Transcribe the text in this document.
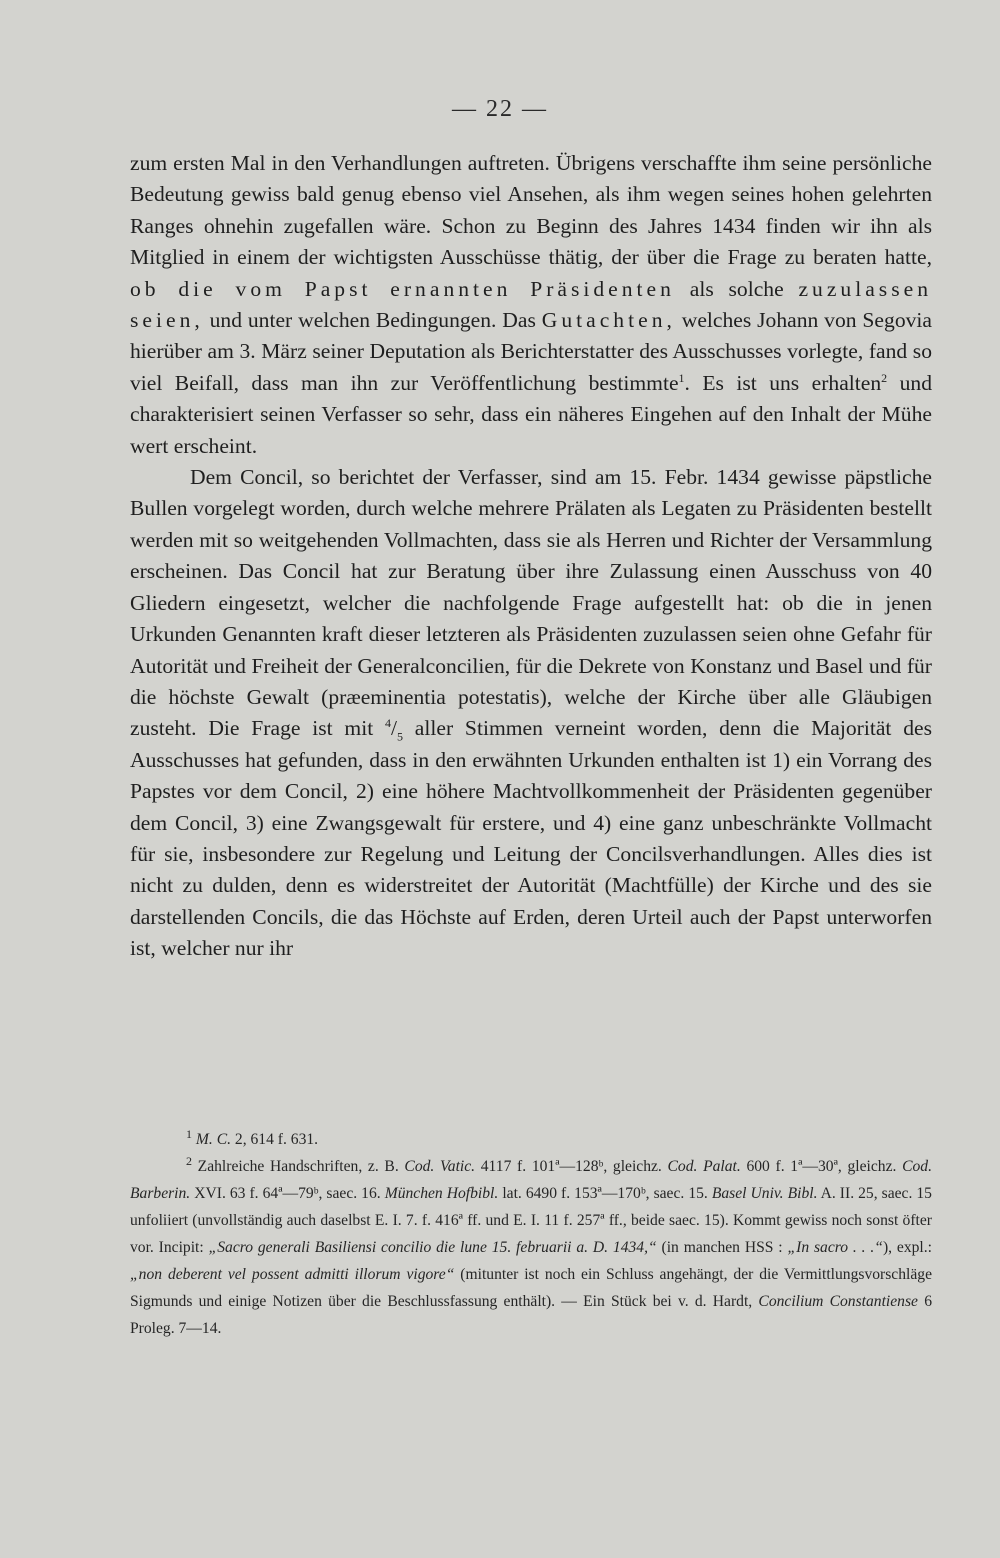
— 22 —

zum ersten Mal in den Verhandlungen auftreten. Übrigens verschaffte ihm seine persönliche Bedeutung gewiss bald genug ebenso viel Ansehen, als ihm wegen seines hohen gelehrten Ranges ohnehin zugefallen wäre. Schon zu Beginn des Jahres 1434 finden wir ihn als Mitglied in einem der wichtigsten Ausschüsse thätig, der über die Frage zu beraten hatte, ob die vom Papst ernannten Präsidenten als solche zuzulassen seien, und unter welchen Bedingungen. Das Gutachten, welches Johann von Segovia hierüber am 3. März seiner Deputation als Berichterstatter des Ausschusses vorlegte, fand so viel Beifall, dass man ihn zur Veröffentlichung bestimmte$^1$. Es ist uns erhalten$^2$ und charakterisiert seinen Verfasser so sehr, dass ein näheres Eingehen auf den Inhalt der Mühe wert erscheint.

Dem Concil, so berichtet der Verfasser, sind am 15. Febr. 1434 gewisse päpstliche Bullen vorgelegt worden, durch welche mehrere Prälaten als Legaten zu Präsidenten bestellt werden mit so weitgehenden Vollmachten, dass sie als Herren und Richter der Versammlung erscheinen. Das Concil hat zur Beratung über ihre Zulassung einen Ausschuss von 40 Gliedern eingesetzt, welcher die nachfolgende Frage aufgestellt hat: ob die in jenen Urkunden Genannten kraft dieser letzteren als Präsidenten zuzulassen seien ohne Gefahr für Autorität und Freiheit der Generalconcilien, für die Dekrete von Konstanz und Basel und für die höchste Gewalt (præeminentia potestatis), welche der Kirche über alle Gläubigen zusteht. Die Frage ist mit $^4/_5$ aller Stimmen verneint worden, denn die Majorität des Ausschusses hat gefunden, dass in den erwähnten Urkunden enthalten ist 1) ein Vorrang des Papstes vor dem Concil, 2) eine höhere Machtvollkommenheit der Präsidenten gegenüber dem Concil, 3) eine Zwangsgewalt für erstere, und 4) eine ganz unbeschränkte Vollmacht für sie, insbesondere zur Regelung und Leitung der Concilsverhandlungen. Alles dies ist nicht zu dulden, denn es widerstreitet der Autorität (Machtfülle) der Kirche und des sie darstellenden Concils, die das Höchste auf Erden, deren Urteil auch der Papst unterworfen ist, welcher nur ihr

$^1$ M. C. 2, 614 f. 631.

$^2$ Zahlreiche Handschriften, z. B. Cod. Vatic. 4117 f. 101ª—128ᵇ, gleichz. Cod. Palat. 600 f. 1ª—30ª, gleichz. Cod. Barberin. XVI. 63 f. 64ª—79ᵇ, saec. 16. München Hofbibl. lat. 6490 f. 153ª—170ᵇ, saec. 15. Basel Univ. Bibl. A. II. 25, saec. 15 unfoliiert (unvollständig auch daselbst E. I. 7. f. 416ª ff. und E. I. 11 f. 257ª ff., beide saec. 15). Kommt gewiss noch sonst öfter vor. Incipit: „Sacro generali Basiliensi concilio die lune 15. februarii a. D. 1434,“ (in manchen HSS : „In sacro . . .“), expl.: „non deberent vel possent admitti illorum vigore“ (mitunter ist noch ein Schluss angehängt, der die Vermittlungsvorschläge Sigmunds und einige Notizen über die Beschlussfassung enthält). — Ein Stück bei v. d. Hardt, Concilium Constantiense 6 Proleg. 7—14.
